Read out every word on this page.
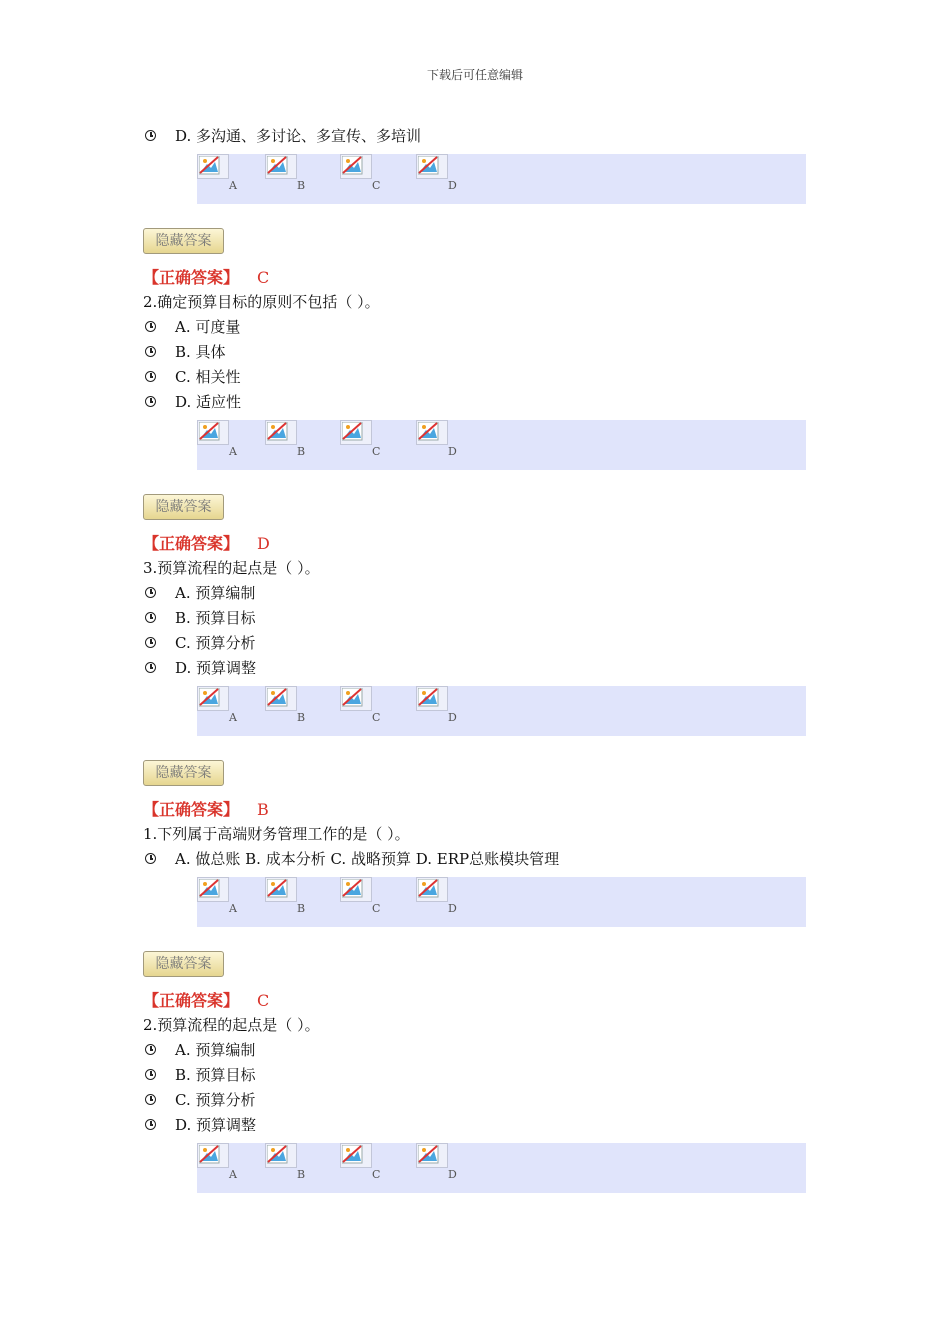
下载后可任意编辑
D. 多沟通、多讨论、多宣传、多培训
A	B	C	D
隐藏答案
【正确答案】 C
2.确定预算目标的原则不包括（ ）。
A. 可度量
B. 具体
C. 相关性
D. 适应性
A	B	C	D
隐藏答案
【正确答案】 D
3.预算流程的起点是（ ）。
A. 预算编制
B. 预算目标
C. 预算分析
D. 预算调整
A	B	C	D
隐藏答案
【正确答案】 B
1.下列属于高端财务管理工作的是（ ）。
A. 做总账 B. 成本分析 C. 战略预算 D. ERP总账模块管理
A	B	C	D
隐藏答案
【正确答案】 C
2.预算流程的起点是（ ）。
A. 预算编制
B. 预算目标
C. 预算分析
D. 预算调整
A	B	C	D
